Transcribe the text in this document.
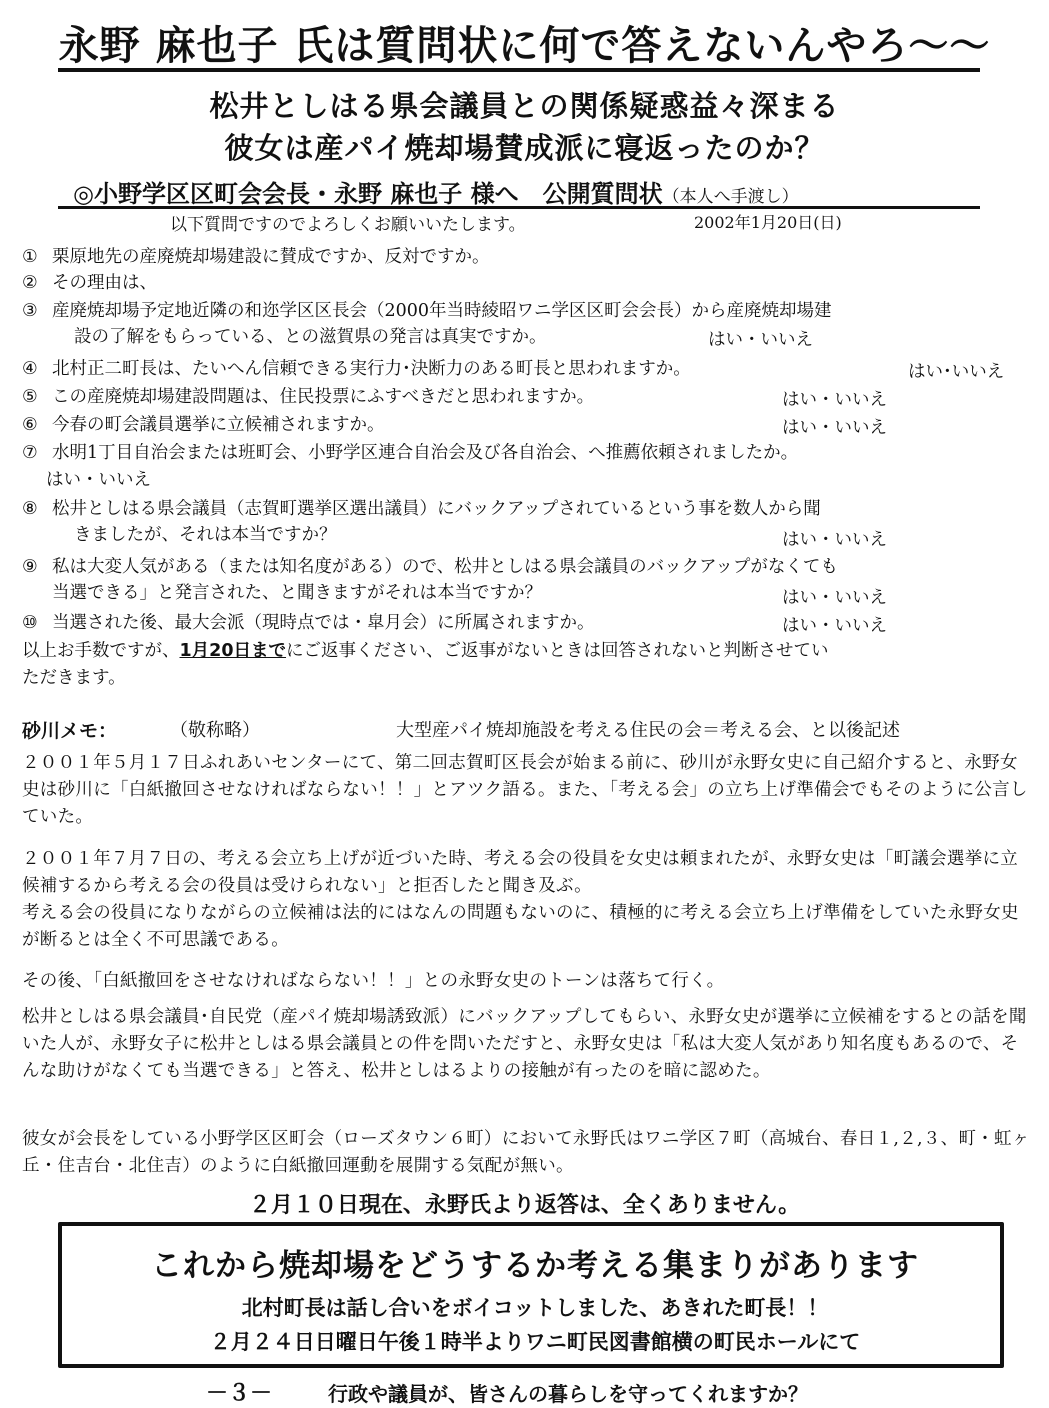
永野 麻也子 氏は質問状に何で答えないんやろ～～
松井としはる県会議員との関係疑惑益々深まる
彼女は産パイ焼却場賛成派に寝返ったのか？
◎小野学区区町会会長・永野 麻也子 様へ　公開質問状（本人へ手渡し）
以下質問ですのでよろしくお願いいたします。	2002年1月20日(日)
① 栗原地先の産廃焼却場建設に賛成ですか、反対ですか。
② その理由は、
③ 産廃焼却場予定地近隣の和迩学区区長会（2000年当時綾昭ワニ学区区町会会長）から産廃焼却場建
設の了解をもらっている、との滋賀県の発言は真実ですか。	はい・いいえ
④ 北村正二町長は、たいへん信頼できる実行力･決断力のある町長と思われますか。	はい･いいえ
⑤ この産廃焼却場建設問題は、住民投票にふすべきだと思われますか。	はい・いいえ
⑥ 今春の町会議員選挙に立候補されますか。	はい・いいえ
⑦ 水明1丁目自治会または班町会、小野学区連合自治会及び各自治会、へ推薦依頼されましたか。
はい・いいえ
⑧ 松井としはる県会議員（志賀町選挙区選出議員）にバックアップされているという事を数人から聞
きましたが、それは本当ですか？	はい・いいえ
⑨ 私は大変人気がある（または知名度がある）ので、松井としはる県会議員のバックアップがなくても
当選できる」と発言された、と聞きますがそれは本当ですか？	はい・いいえ
⑩ 当選された後、最大会派（現時点では・皐月会）に所属されますか。	はい・いいえ
以上お手数ですが、1月20日までにご返事ください、ご返事がないときは回答されないと判断させてい
ただきます。
砂川メモ：	（敬称略）	大型産パイ焼却施設を考える住民の会＝考える会、と以後記述
２００１年５月１７日ふれあいセンターにて、第二回志賀町区長会が始まる前に、砂川が永野女史に自己紹介すると、永野女史は砂川に「白紙撤回させなければならない！！」とアツク語る。また、「考える会」の立ち上げ準備会でもそのように公言していた。
２００１年７月７日の、考える会立ち上げが近づいた時、考える会の役員を女史は頼まれたが、永野女史は「町議会選挙に立候補するから考える会の役員は受けられない」と拒否したと聞き及ぶ。
考える会の役員になりながらの立候補は法的にはなんの問題もないのに、積極的に考える会立ち上げ準備をしていた永野女史が断るとは全く不可思議である。
その後、「白紙撤回をさせなければならない！！」との永野女史のトーンは落ちて行く。
松井としはる県会議員･自民党（産パイ焼却場誘致派）にバックアップしてもらい、永野女史が選挙に立候補をするとの話を聞いた人が、永野女子に松井としはる県会議員との件を問いただすと、永野女史は「私は大変人気があり知名度もあるので、そんな助けがなくても当選できる」と答え、松井としはるよりの接触が有ったのを暗に認めた。
彼女が会長をしている小野学区区町会（ローズタウン６町）において永野氏はワニ学区７町（高城台、春日１,２,３、町・虹ヶ丘・住吉台・北住吉）のように白紙撤回運動を展開する気配が無い。
２月１０日現在、永野氏より返答は、全くありません。
これから焼却場をどうするか考える集まりがあります
北村町長は話し合いをボイコットしました、あきれた町長！！
２月２４日日曜日午後１時半よりワニ町民図書館横の町民ホールにて
－３－	行政や議員が、皆さんの暮らしを守ってくれますか？
